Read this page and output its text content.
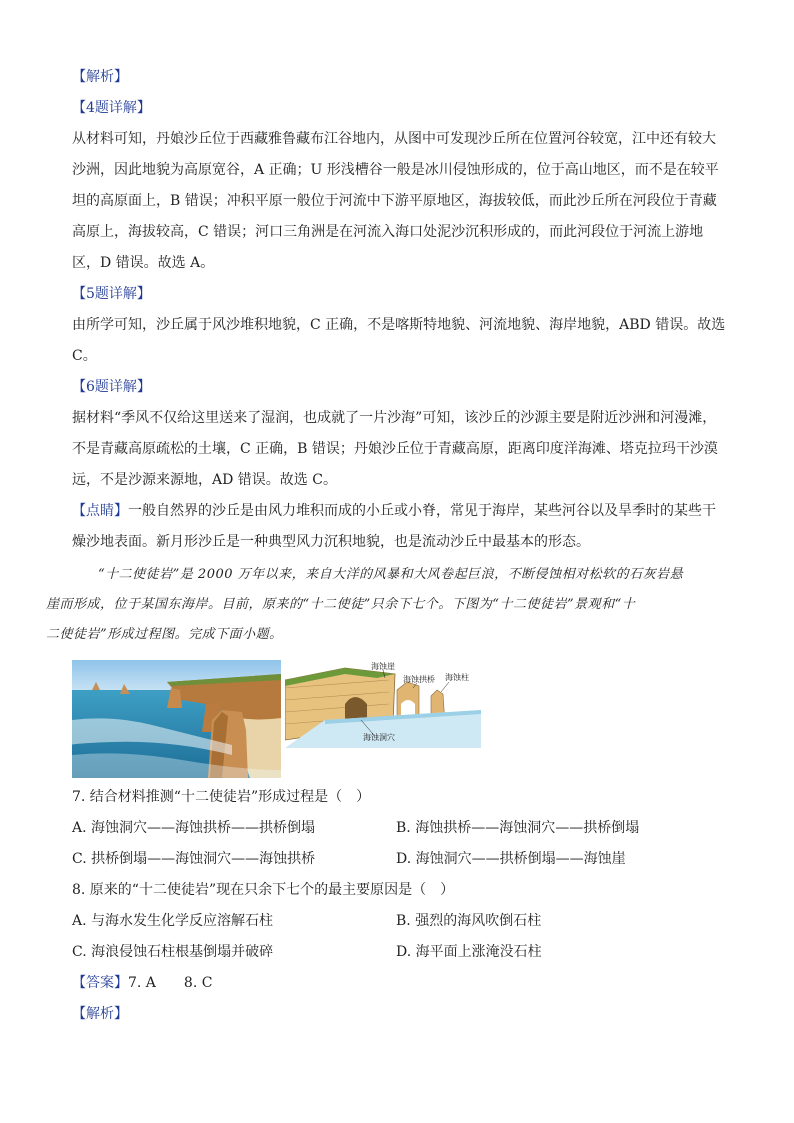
【解析】
【4题详解】
从材料可知，丹娘沙丘位于西藏雅鲁藏布江谷地内，从图中可发现沙丘所在位置河谷较宽，江中还有较大
沙洲，因此地貌为高原宽谷，A 正确；U 形浅槽谷一般是冰川侵蚀形成的，位于高山地区，而不是在较平
坦的高原面上，B 错误；冲积平原一般位于河流中下游平原地区，海拔较低，而此沙丘所在河段位于青藏
高原上，海拔较高，C 错误；河口三角洲是在河流入海口处泥沙沉积形成的，而此河段位于河流上游地
区，D 错误。故选 A。
【5题详解】
由所学可知，沙丘属于风沙堆积地貌，C 正确，不是喀斯特地貌、河流地貌、海岸地貌，ABD 错误。故选
C。
【6题详解】
据材料“季风不仅给这里送来了湿润，也成就了一片沙海”可知，该沙丘的沙源主要是附近沙洲和河漫滩，
不是青藏高原疏松的土壤，C 正确，B 错误；丹娘沙丘位于青藏高原，距离印度洋海滩、塔克拉玛干沙漠
远，不是沙源来源地，AD 错误。故选 C。
【点睛】一般自然界的沙丘是由风力堆积而成的小丘或小脊，常见于海岸，某些河谷以及旱季时的某些干
燥沙地表面。新月形沙丘是一种典型风力沉积地貌，也是流动沙丘中最基本的形态。
“十二使徒岩”是 2000 万年以来，来自大洋的风暴和大风卷起巨浪，不断侵蚀相对松软的石灰岩悬
崖而形成，位于某国东海岸。目前，原来的“十二使徒”只余下七个。下图为“十二使徒岩”景观和“十
二使徒岩”形成过程图。完成下面小题。
海蚀崖
海蚀拱桥 海蚀柱
海蚀洞穴
7. 结合材料推测“十二使徒岩”形成过程是（　）
A. 海蚀洞穴——海蚀拱桥——拱桥倒塌	B. 海蚀拱桥——海蚀洞穴——拱桥倒塌
C. 拱桥倒塌——海蚀洞穴——海蚀拱桥	D. 海蚀洞穴——拱桥倒塌——海蚀崖
8. 原来的“十二使徒岩”现在只余下七个的最主要原因是（　）
A. 与海水发生化学反应溶解石柱	B. 强烈的海风吹倒石柱
C. 海浪侵蚀石柱根基倒塌并破碎	D. 海平面上涨淹没石柱
【答案】7. A　　8. C
【解析】
